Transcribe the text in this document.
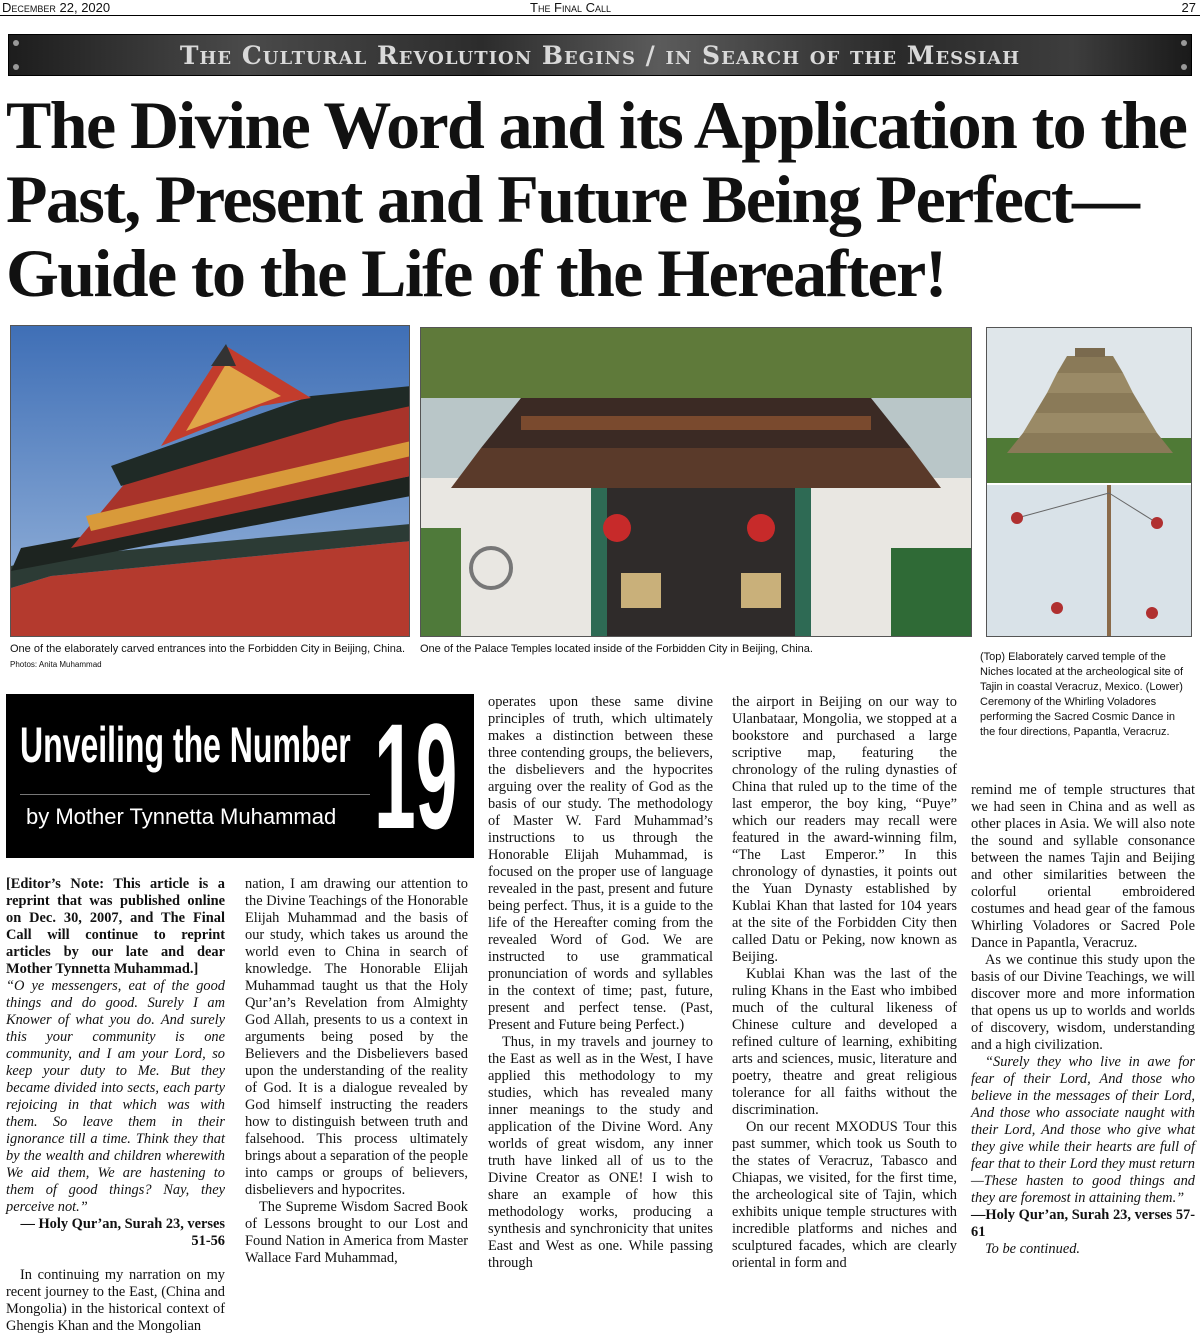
December 22, 2020	The Final Call	27
The Cultural Revolution Begins / in Search of the Messiah
The Divine Word and its Application to the
Past, Present and Future Being Perfect—
Guide to the Life of the Hereafter!
One of the elaborately carved entrances into the Forbidden City in Beijing, China. Photos: Anita Muhammad
One of the Palace Temples located inside of the Forbidden City in Beijing, China.
(Top) Elaborately carved temple of the Niches located at the archeological site of Tajin in coastal Veracruz, Mexico. (Lower) Ceremony of the Whirling Voladores performing the Sacred Cosmic Dance in the four directions, Papantla, Veracruz.
Unveiling the Number
by Mother Tynnetta Muhammad 19

[Editor’s Note: This article is a reprint that was published online on Dec. 30, 2007, and The Final Call will continue to reprint articles by our late and dear Mother Tynnetta Muhammad.]

“O ye messengers, eat of the good things and do good. Surely I am Knower of what you do. And surely this your community is one community, and I am your Lord, so keep your duty to Me. But they became divided into sects, each party rejoicing in that which was with them. So leave them in their ignorance till a time. Think they that by the wealth and children wherewith We aid them, We are hastening to them of good things? Nay, they perceive not.”

— Holy Qur’an, Surah 23, verses 51-56

In continuing my narration on my recent journey to the East, (China and Mongolia) in the historical context of Ghengis Khan and the Mongolian

nation, I am drawing our attention to the Divine Teachings of the Honorable Elijah Muhammad and the basis of our study, which takes us around the world even to China in search of knowledge. The Honorable Elijah Muhammad taught us that the Holy Qur’an’s Revelation from Almighty God Allah, presents to us a context in arguments being posed by the Believers and the Disbelievers based upon the understanding of the reality of God. It is a dialogue revealed by God himself instructing the readers how to distinguish between truth and falsehood. This process ultimately brings about a separation of the people into camps or groups of believers, disbelievers and hypocrites.

The Supreme Wisdom Sacred Book of Lessons brought to our Lost and Found Nation in America from Master Wallace Fard Muhammad,

operates upon these same divine principles of truth, which ultimately makes a distinction between these three contending groups, the believers, the disbelievers and the hypocrites arguing over the reality of God as the basis of our study. The methodology of Master W. Fard Muhammad’s instructions to us through the Honorable Elijah Muhammad, is focused on the proper use of language revealed in the past, present and future being perfect. Thus, it is a guide to the life of the Hereafter coming from the revealed Word of God. We are instructed to use grammatical pronunciation of words and syllables in the context of time; past, future, present and perfect tense. (Past, Present and Future being Perfect.)

Thus, in my travels and journey to the East as well as in the West, I have applied this methodology to my studies, which has revealed many inner meanings to the study and application of the Divine Word. Any worlds of great wisdom, any inner truth have linked all of us to the Divine Creator as ONE! I wish to share an example of how this methodology works, producing a synthesis and synchronicity that unites East and West as one. While passing through

the airport in Beijing on our way to Ulanbataar, Mongolia, we stopped at a bookstore and purchased a large scriptive map, featuring the chronology of the ruling dynasties of China that ruled up to the time of the last emperor, the boy king, “Puye” which our readers may recall were featured in the award-winning film, “The Last Emperor.” In this chronology of dynasties, it points out the Yuan Dynasty established by Kublai Khan that lasted for 104 years at the site of the Forbidden City then called Datu or Peking, now known as Beijing.

Kublai Khan was the last of the ruling Khans in the East who imbibed much of the cultural likeness of Chinese culture and developed a refined culture of learning, exhibiting arts and sciences, music, literature and poetry, theatre and great religious tolerance for all faiths without the discrimination.

On our recent MXODUS Tour this past summer, which took us South to the states of Veracruz, Tabasco and Chiapas, we visited, for the first time, the archeological site of Tajin, which exhibits unique temple structures with incredible platforms and niches and sculptured facades, which are clearly oriental in form and

remind me of temple structures that we had seen in China and as well as other places in Asia. We will also note the sound and syllable consonance between the names Tajin and Beijing and other similarities between the colorful oriental embroidered costumes and head gear of the famous Whirling Voladores or Sacred Pole Dance in Papantla, Veracruz.

As we continue this study upon the basis of our Divine Teachings, we will discover more and more information that opens us up to worlds and worlds of discovery, wisdom, understanding and a high civilization.

“Surely they who live in awe for fear of their Lord, And those who believe in the messages of their Lord, And those who associate naught with their Lord, And those who give what they give while their hearts are full of fear that to their Lord they must return—These hasten to good things and they are foremost in attaining them.”

—Holy Qur’an, Surah 23, verses 57-61

To be continued.
